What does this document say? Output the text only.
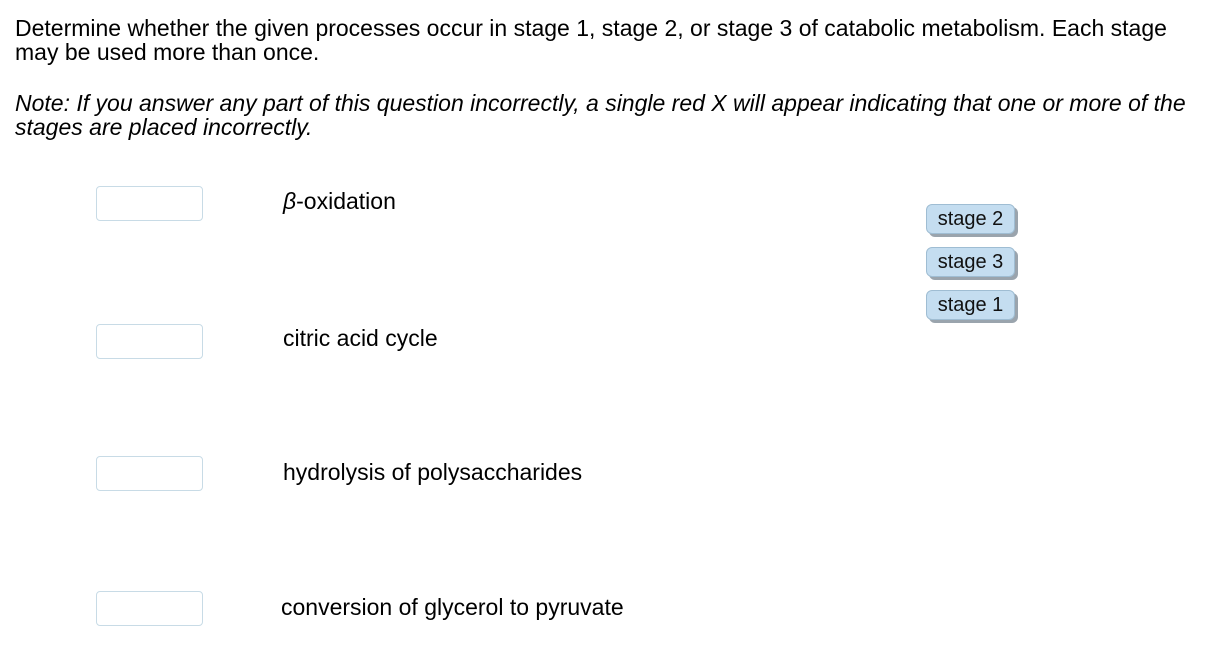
Determine whether the given processes occur in stage 1, stage 2, or stage 3 of catabolic metabolism. Each stage may be used more than once.

Note: If you answer any part of this question incorrectly, a single red X will appear indicating that one or more of the stages are placed incorrectly.

β-oxidation
citric acid cycle
hydrolysis of polysaccharides
conversion of glycerol to pyruvate
stage 2
stage 3
stage 1
